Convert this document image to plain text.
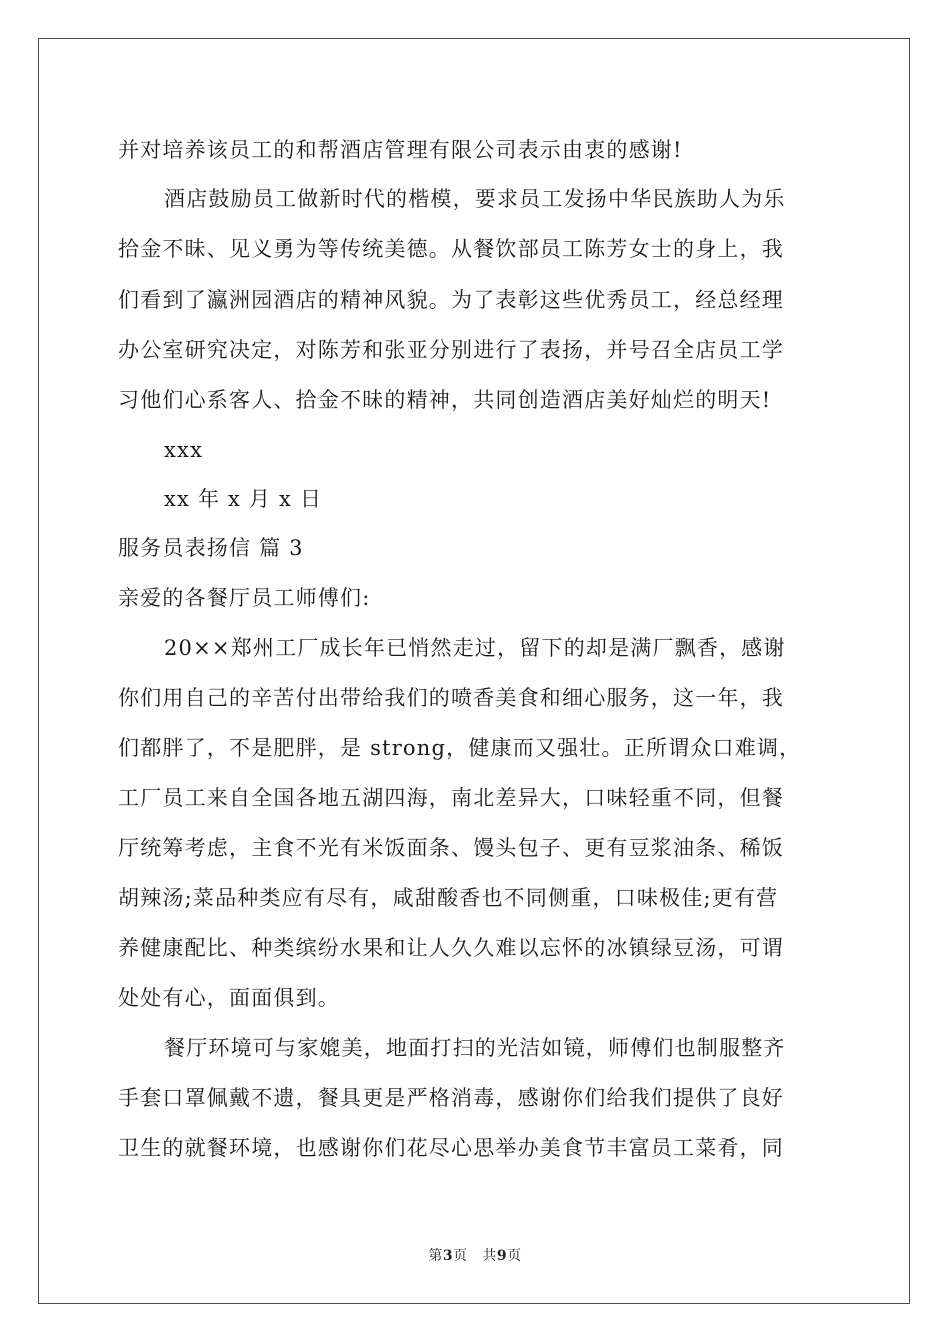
并对培养该员工的和帮酒店管理有限公司表示由衷的感谢!
酒店鼓励员工做新时代的楷模，要求员工发扬中华民族助人为乐
拾金不昧、见义勇为等传统美德。从餐饮部员工陈芳女士的身上，我
们看到了瀛洲园酒店的精神风貌。为了表彰这些优秀员工，经总经理
办公室研究决定，对陈芳和张亚分别进行了表扬，并号召全店员工学
习他们心系客人、拾金不昧的精神，共同创造酒店美好灿烂的明天!
xxx
xx 年 x 月 x 日
服务员表扬信 篇 3
亲爱的各餐厅员工师傅们:
20××郑州工厂成长年已悄然走过，留下的却是满厂飘香，感谢
你们用自己的辛苦付出带给我们的喷香美食和细心服务，这一年，我
们都胖了，不是肥胖，是 strong，健康而又强壮。正所谓众口难调，
工厂员工来自全国各地五湖四海，南北差异大，口味轻重不同，但餐
厅统筹考虑，主食不光有米饭面条、馒头包子、更有豆浆油条、稀饭
胡辣汤;菜品种类应有尽有，咸甜酸香也不同侧重，口味极佳;更有营
养健康配比、种类缤纷水果和让人久久难以忘怀的冰镇绿豆汤，可谓
处处有心，面面俱到。
餐厅环境可与家媲美，地面打扫的光洁如镜，师傅们也制服整齐
手套口罩佩戴不遗，餐具更是严格消毒，感谢你们给我们提供了良好
卫生的就餐环境，也感谢你们花尽心思举办美食节丰富员工菜肴，同
第3页   共9页
